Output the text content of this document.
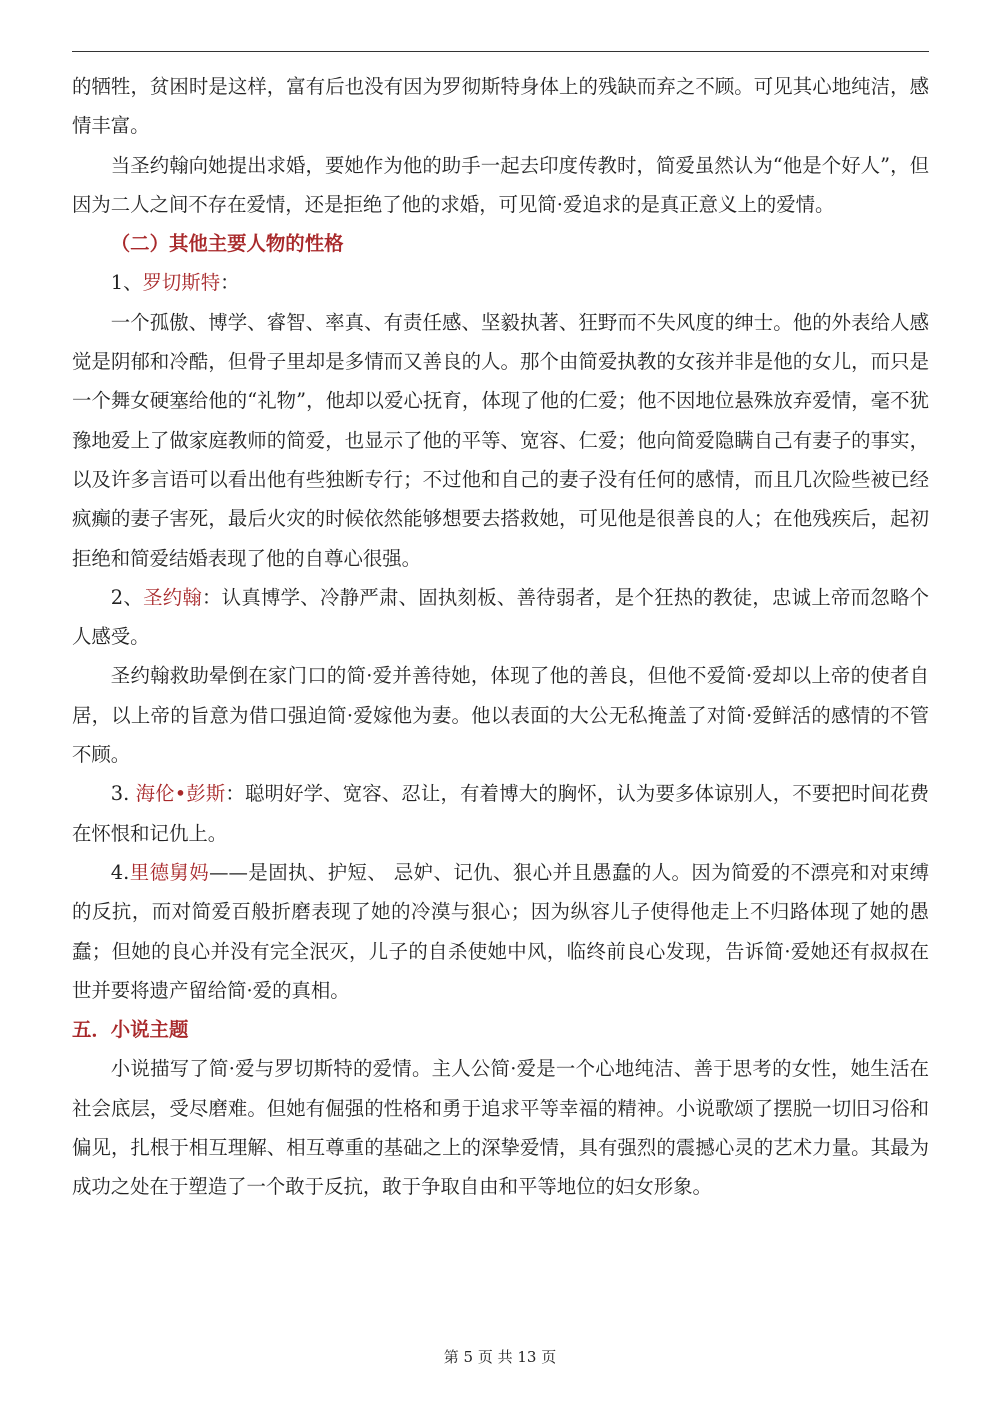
的牺牲，贫困时是这样，富有后也没有因为罗彻斯特身体上的残缺而弃之不顾。可见其心地纯洁，感情丰富。

当圣约翰向她提出求婚，要她作为他的助手一起去印度传教时，简爱虽然认为“他是个好人”，但因为二人之间不存在爱情，还是拒绝了他的求婚，可见简·爱追求的是真正意义上的爱情。

（二）其他主要人物的性格

1、罗切斯特：

一个孤傲、博学、睿智、率真、有责任感、坚毅执著、狂野而不失风度的绅士。他的外表给人感觉是阴郁和冷酷，但骨子里却是多情而又善良的人。那个由简爱执教的女孩并非是他的女儿，而只是一个舞女硬塞给他的“礼物”，他却以爱心抚育，体现了他的仁爱；他不因地位悬殊放弃爱情，毫不犹豫地爱上了做家庭教师的简爱，也显示了他的平等、宽容、仁爱；他向简爱隐瞒自己有妻子的事实，以及许多言语可以看出他有些独断专行；不过他和自己的妻子没有任何的感情，而且几次险些被已经疯癫的妻子害死，最后火灾的时候依然能够想要去搭救她，可见他是很善良的人；在他残疾后，起初拒绝和简爱结婚表现了他的自尊心很强。

2、圣约翰：认真博学、冷静严肃、固执刻板、善待弱者，是个狂热的教徒，忠诚上帝而忽略个人感受。

圣约翰救助晕倒在家门口的简·爱并善待她，体现了他的善良，但他不爱简·爱却以上帝的使者自居，以上帝的旨意为借口强迫简·爱嫁他为妻。他以表面的大公无私掩盖了对简·爱鲜活的感情的不管不顾。

3. 海伦•彭斯：聪明好学、宽容、忍让，有着博大的胸怀，认为要多体谅别人，不要把时间花费在怀恨和记仇上。

4.里德舅妈——是固执、护短、 忌妒、记仇、狠心并且愚蠢的人。因为简爱的不漂亮和对束缚的反抗，而对简爱百般折磨表现了她的冷漠与狠心；因为纵容儿子使得他走上不归路体现了她的愚蠢；但她的良心并没有完全泯灭，儿子的自杀使她中风，临终前良心发现，告诉简·爱她还有叔叔在世并要将遗产留给简·爱的真相。

五．小说主题

小说描写了简·爱与罗切斯特的爱情。主人公简·爱是一个心地纯洁、善于思考的女性，她生活在社会底层，受尽磨难。但她有倔强的性格和勇于追求平等幸福的精神。小说歌颂了摆脱一切旧习俗和偏见，扎根于相互理解、相互尊重的基础之上的深挚爱情，具有强烈的震撼心灵的艺术力量。其最为成功之处在于塑造了一个敢于反抗，敢于争取自由和平等地位的妇女形象。

第 5 页 共 13 页
